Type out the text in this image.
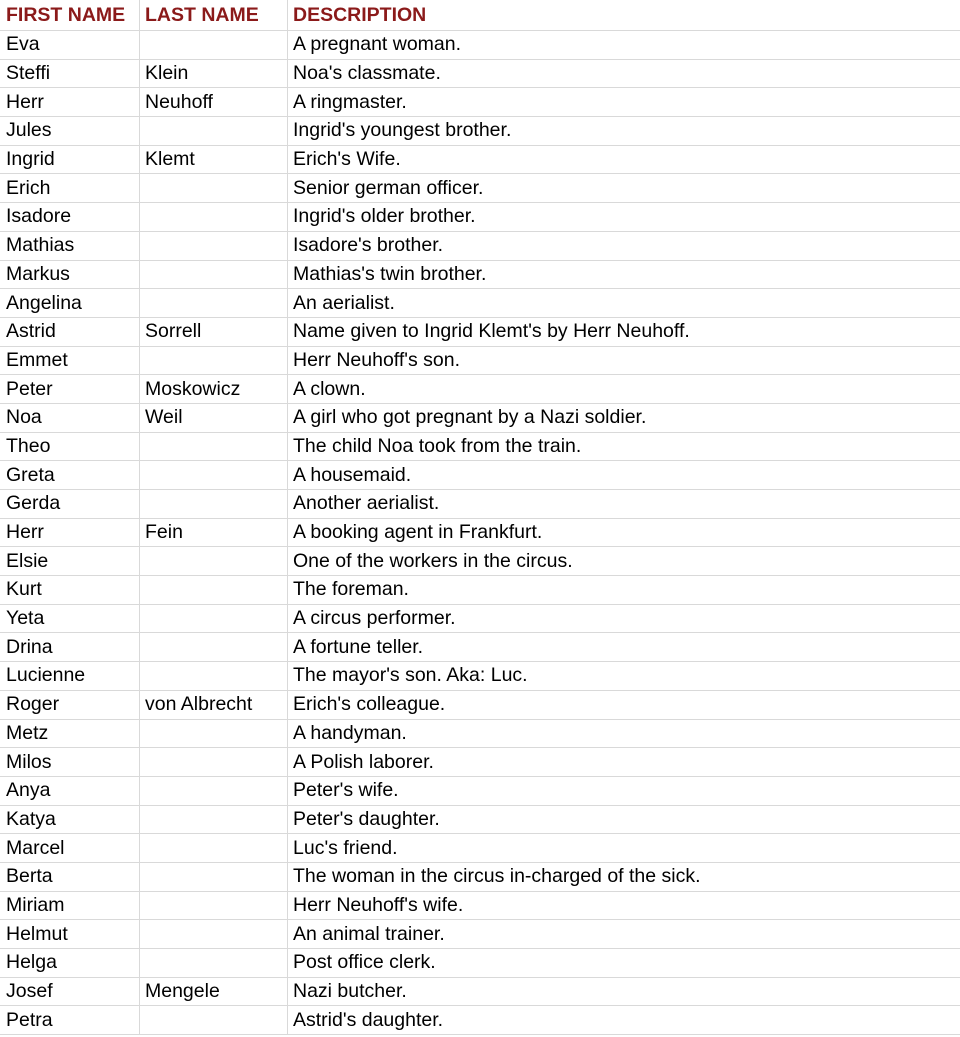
FIRST NAME	LAST NAME	DESCRIPTION
Eva		A pregnant woman.
Steffi	Klein	Noa's classmate.
Herr	Neuhoff	A ringmaster.
Jules		Ingrid's youngest brother.
Ingrid	Klemt	Erich's Wife.
Erich		Senior german officer.
Isadore		Ingrid's older brother.
Mathias		Isadore's brother.
Markus		Mathias's twin brother.
Angelina		An aerialist.
Astrid	Sorrell	Name given to Ingrid Klemt's by Herr Neuhoff.
Emmet		Herr Neuhoff's son.
Peter	Moskowicz	A clown.
Noa	Weil	A girl who got pregnant by a Nazi soldier.
Theo		The child Noa took from the train.
Greta		A housemaid.
Gerda		Another aerialist.
Herr	Fein	A booking agent in Frankfurt.
Elsie		One of the workers in the circus.
Kurt		The foreman.
Yeta		A circus performer.
Drina		A fortune teller.
Lucienne		The mayor's son. Aka: Luc.
Roger	von Albrecht	Erich's colleague.
Metz		A handyman.
Milos		A Polish laborer.
Anya		Peter's wife.
Katya		Peter's daughter.
Marcel		Luc's friend.
Berta		The woman in the circus in-charged of the sick.
Miriam		Herr Neuhoff's wife.
Helmut		An animal trainer.
Helga		Post office clerk.
Josef	Mengele	Nazi butcher.
Petra		Astrid's daughter.
